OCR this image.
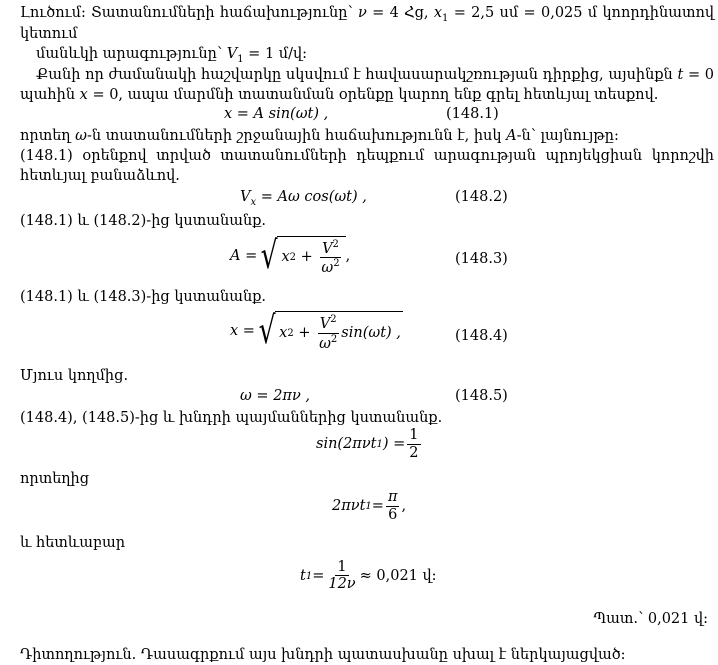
Լուծում: Տատանումների հաճախությունը՝ ν = 4 Հց, $x_1 = 2,5$ սմ = 0,025 մ կոորդինատով կետում

մանևկի արագությունը՝ $V_1 = 1$ մ/վ:

Քանի որ ժամանակի հաշվարկը սկսվում է հավասարակշռության դիրքից, այսինքն t = 0

պահին x = 0, ապա մարմնի տատանման օրենքը կարող ենք գրել հետևյալ տեսքով.

x = A sin(ωt) ,	(148.1)

որտեղ ω-ն տատանումների շրջանային հաճախությունն է, իսկ A-ն՝ լայնույթը:

(148.1) օրենքով տրված տատանումների դեպքում արագության պրոյեկցիան կորոշվի հետևյալ բանաձևով.

$V_x = A\omega$ cos(ωt) ,	(148.2)

(148.1) և (148.2)-ից կստանանք.

A = √ x $2 + \frac{V^2}{\omega^2}$ ,	(148.3)

(148.1) և (148.3)-ից կստանանք.

x = √ x $2 + \frac{V^2}{\omega^2} \sin(\omega t)$ ,	(148.4)

Մյուս կողմից.

ω = 2πν ,	(148.5)

(148.4), (148.5)-ից և խնդրի պայմաններից կստանանք.

sin(2πνt 1 ) = $\frac{1}{2}$

որտեղից

2πνt $1 = \frac{\pi}{6}$ ,

և հետևաբար

t $1 = \frac{1}{12\nu} \approx 0,021$ վ:
Պատ.՝ 0,021 վ:

Դիտողություն. Դասագրքում այս խնդրի պատասխանը սխալ է ներկայացված:
